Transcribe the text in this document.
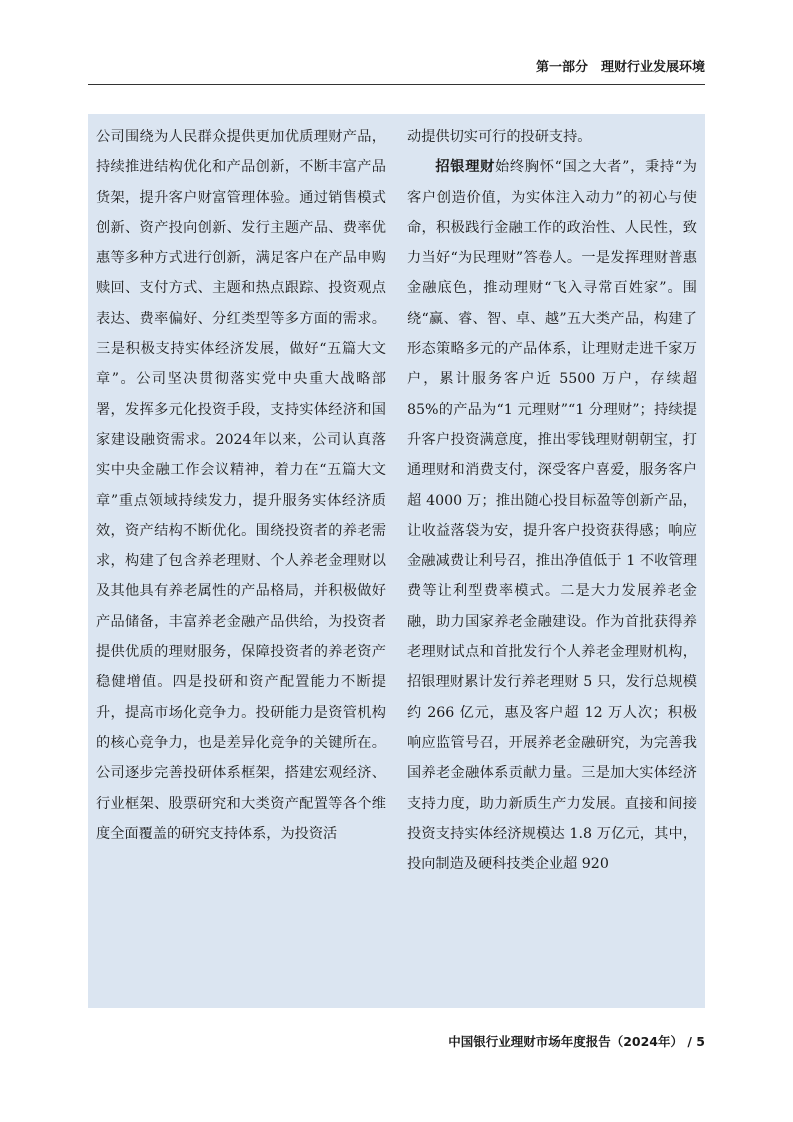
第一部分　理财行业发展环境

公司围绕为人民群众提供更加优质理财产品，持续推进结构优化和产品创新，不断丰富产品货架，提升客户财富管理体验。通过销售模式创新、资产投向创新、发行主题产品、费率优惠等多种方式进行创新，满足客户在产品申购赎回、支付方式、主题和热点跟踪、投资观点表达、费率偏好、分红类型等多方面的需求。三是积极支持实体经济发展，做好“五篇大文章”。公司坚决贯彻落实党中央重大战略部署，发挥多元化投资手段，支持实体经济和国家建设融资需求。2024年以来，公司认真落实中央金融工作会议精神，着力在“五篇大文章”重点领域持续发力，提升服务实体经济质效，资产结构不断优化。围绕投资者的养老需求，构建了包含养老理财、个人养老金理财以及其他具有养老属性的产品格局，并积极做好产品储备，丰富养老金融产品供给，为投资者提供优质的理财服务，保障投资者的养老资产稳健增值。四是投研和资产配置能力不断提升，提高市场化竞争力。投研能力是资管机构的核心竞争力，也是差异化竞争的关键所在。公司逐步完善投研体系框架，搭建宏观经济、行业框架、股票研究和大类资产配置等各个维度全面覆盖的研究支持体系，为投资活

动提供切实可行的投研支持。

招银理财始终胸怀“国之大者”，秉持“为客户创造价值，为实体注入动力”的初心与使命，积极践行金融工作的政治性、人民性，致力当好“为民理财”答卷人。一是发挥理财普惠金融底色，推动理财“飞入寻常百姓家”。围绕“赢、睿、智、卓、越”五大类产品，构建了形态策略多元的产品体系，让理财走进千家万户，累计服务客户近 5500 万户，存续超 85%的产品为“1 元理财”“1 分理财”；持续提升客户投资满意度，推出零钱理财朝朝宝，打通理财和消费支付，深受客户喜爱，服务客户超 4000 万；推出随心投目标盈等创新产品，让收益落袋为安，提升客户投资获得感；响应金融减费让利号召，推出净值低于 1 不收管理费等让利型费率模式。二是大力发展养老金融，助力国家养老金融建设。作为首批获得养老理财试点和首批发行个人养老金理财机构，招银理财累计发行养老理财 5 只，发行总规模约 266 亿元，惠及客户超 12 万人次；积极响应监管号召，开展养老金融研究，为完善我国养老金融体系贡献力量。三是加大实体经济支持力度，助力新质生产力发展。直接和间接投资支持实体经济规模达 1.8 万亿元，其中，投向制造及硬科技类企业超 920

中国银行业理财市场年度报告（2024年） / 5
